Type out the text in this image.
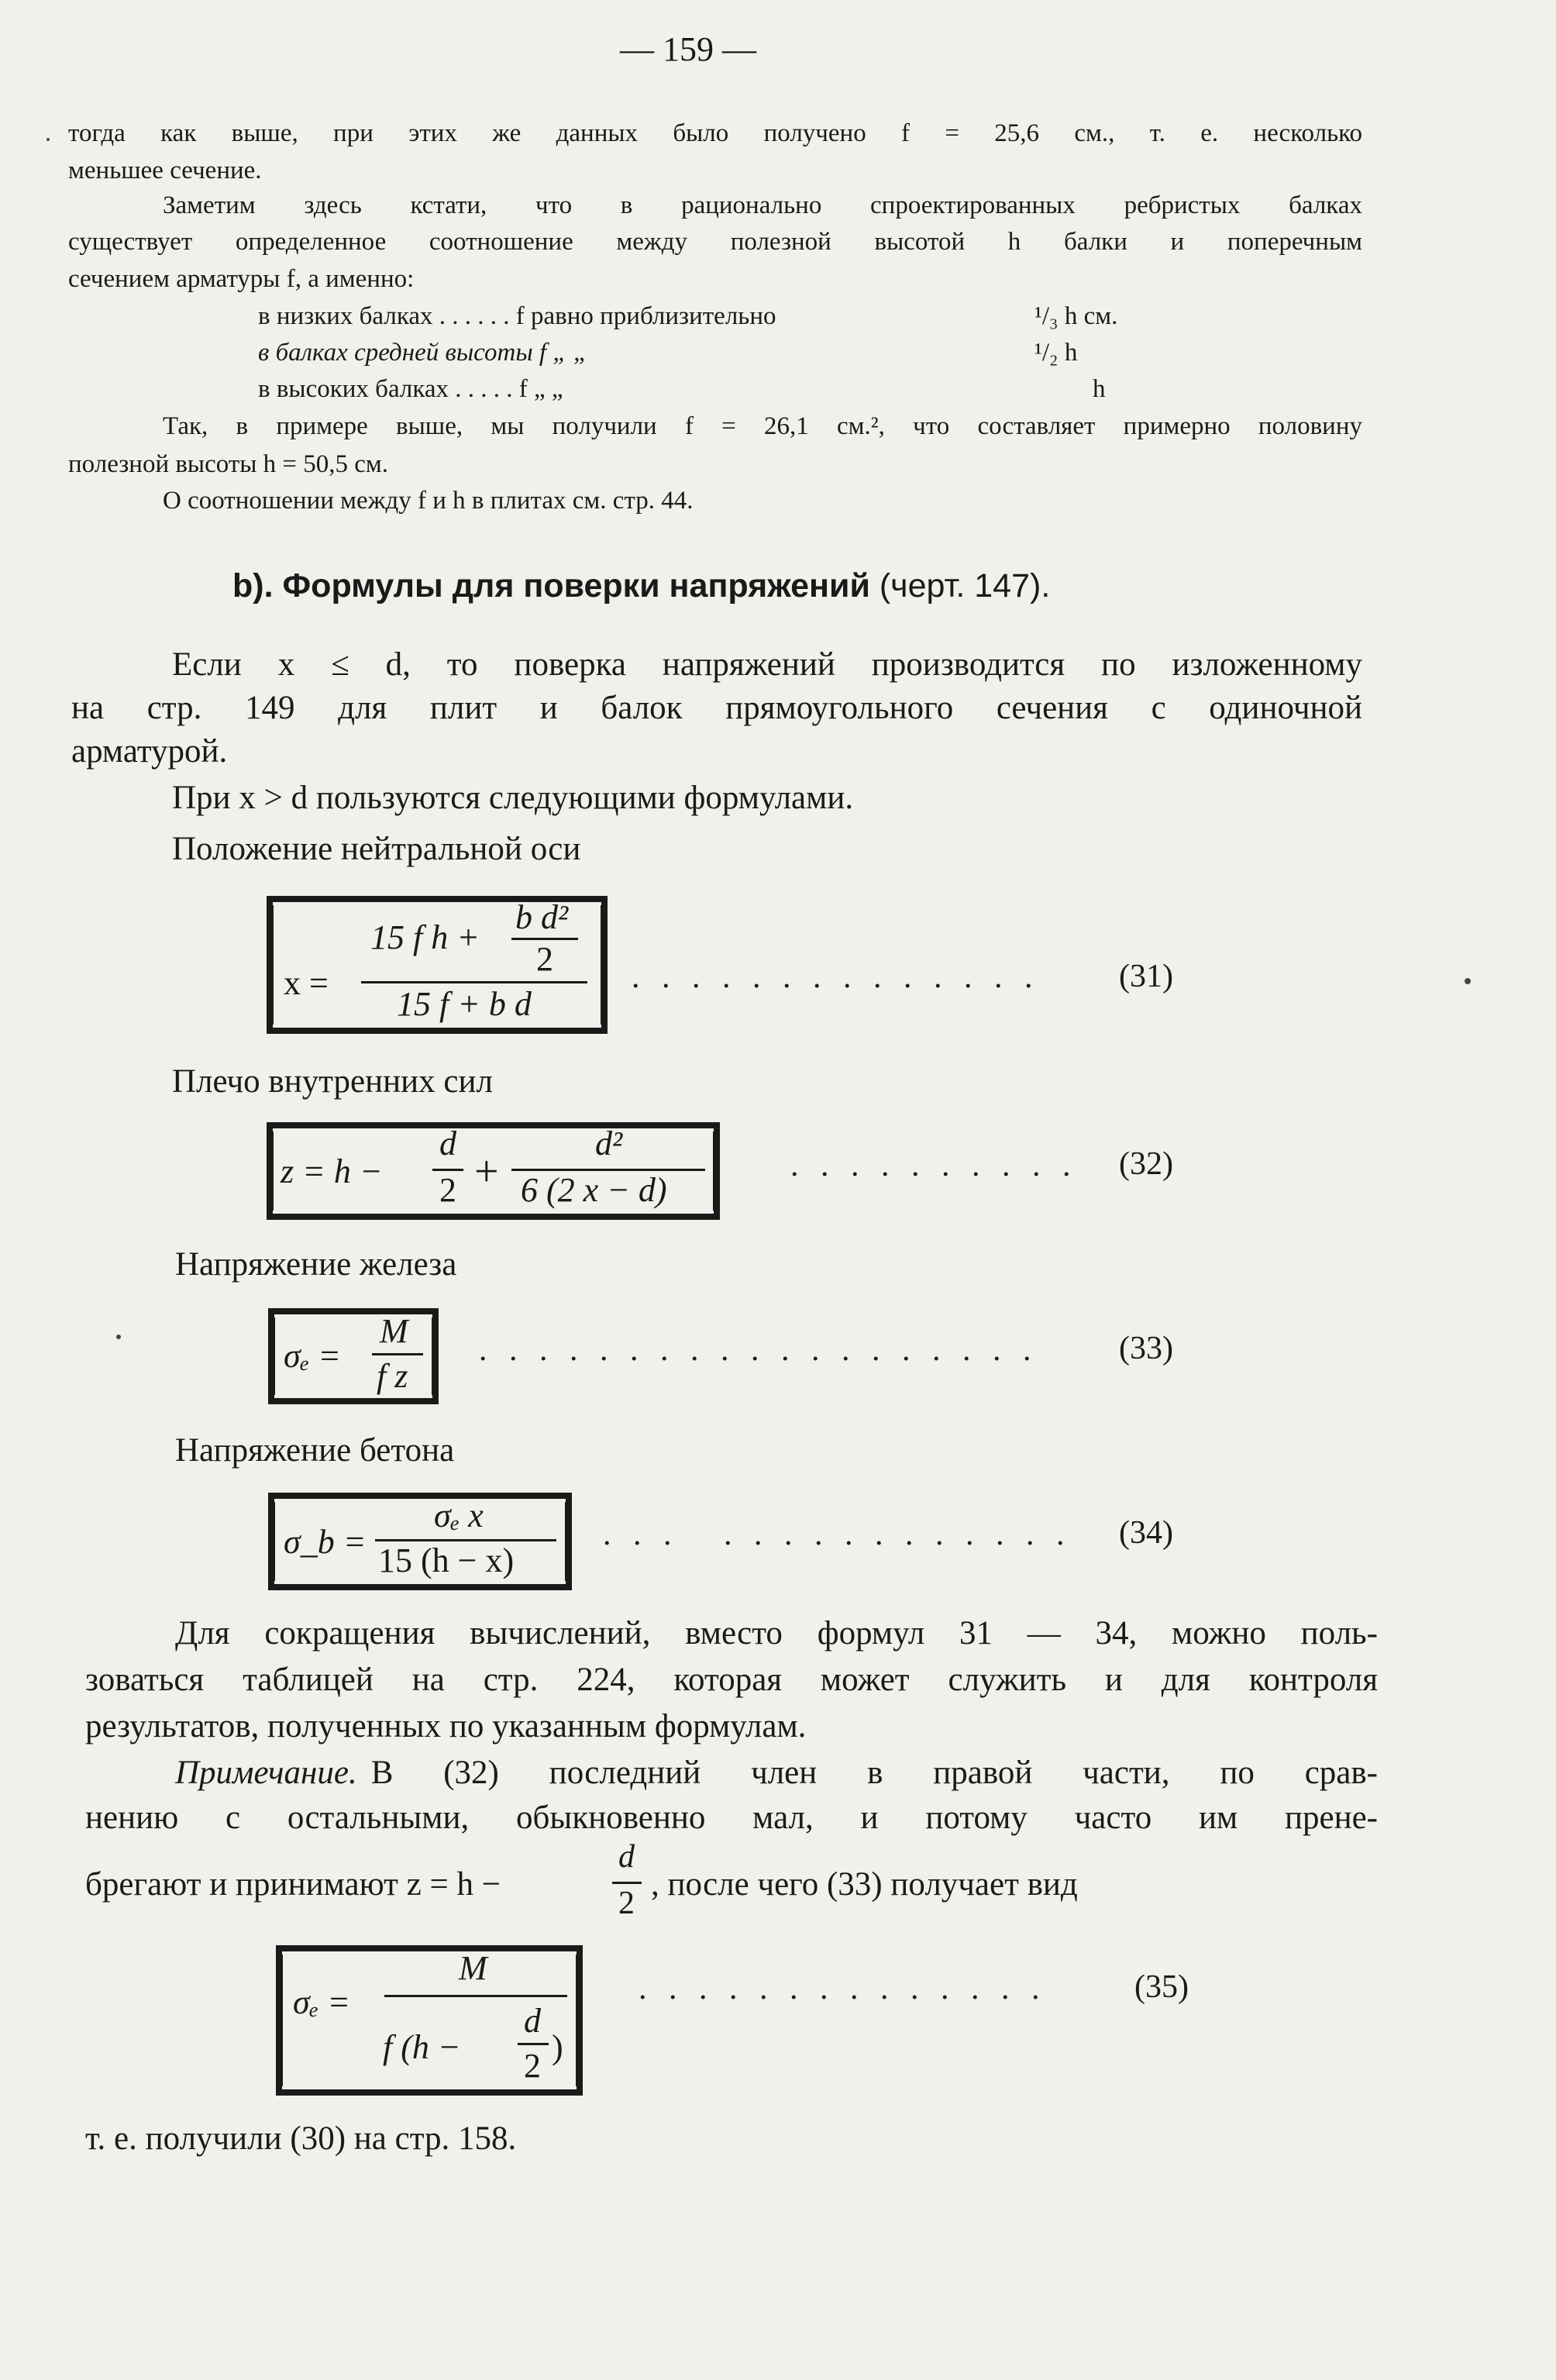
— 159 —
тогда как выше, при этих же данных было получено f = 25,6 см., т. е. несколько
меньшее сечение.
Заметим здесь кстати, что в рационально спроектированных ребристых балках
существует определенное соотношение между полезной высотой h балки и поперечным
сечением арматуры f, а именно:
в низких балках . . . . . . f равно приблизительно	¹/₃ h см.
в балках средней высоты f „ „	¹/₂ h
в высоких балках . . . . . f „ „	h
Так, в примере выше, мы получили f = 26,1 см.², что составляет примерно половину
полезной высоты h = 50,5 см.
О соотношении между f и h в плитах см. стр. 44.
b). Формулы для поверки напряжений (черт. 147).
Если x ≤ d, то поверка напряжений производится по изложенному
на стр. 149 для плит и балок прямоугольного сечения с одиночной
арматурой.
При x > d пользуются следующими формулами.
Положение нейтральной оси
x =
15 f h +
b d²
2
15 f + b d
. . . . . . . . . . . . . . (31)
Плечо внутренних сил
z = h −
d
2 +
d²
6 (2 x − d)
. . . . . . . . . . (32)
Напряжение железа
σₑ =
M
f z
. . . . . . . . . . . . . . . . . . . (33)
Напряжение бетона
σ_b =
σₑ x
15 (h − x)
. . .   . . . . . . . . . . . . (34)
Для сокращения вычислений, вместо формул 31 — 34, можно поль-
зоваться таблицей на стр. 224, которая может служить и для контроля
результатов, полученных по указанным формулам.
Примечание. В (32) последний член в правой части, по срав-
нению с остальными, обыкновенно мал, и потому часто им прене-
брегают и принимают z = h −
d
2
, после чего (33) получает вид
σₑ =
M
f (h −
d
2 )
. . . . . . . . . . . . . .	(35)
т. е. получили (30) на стр. 158.
